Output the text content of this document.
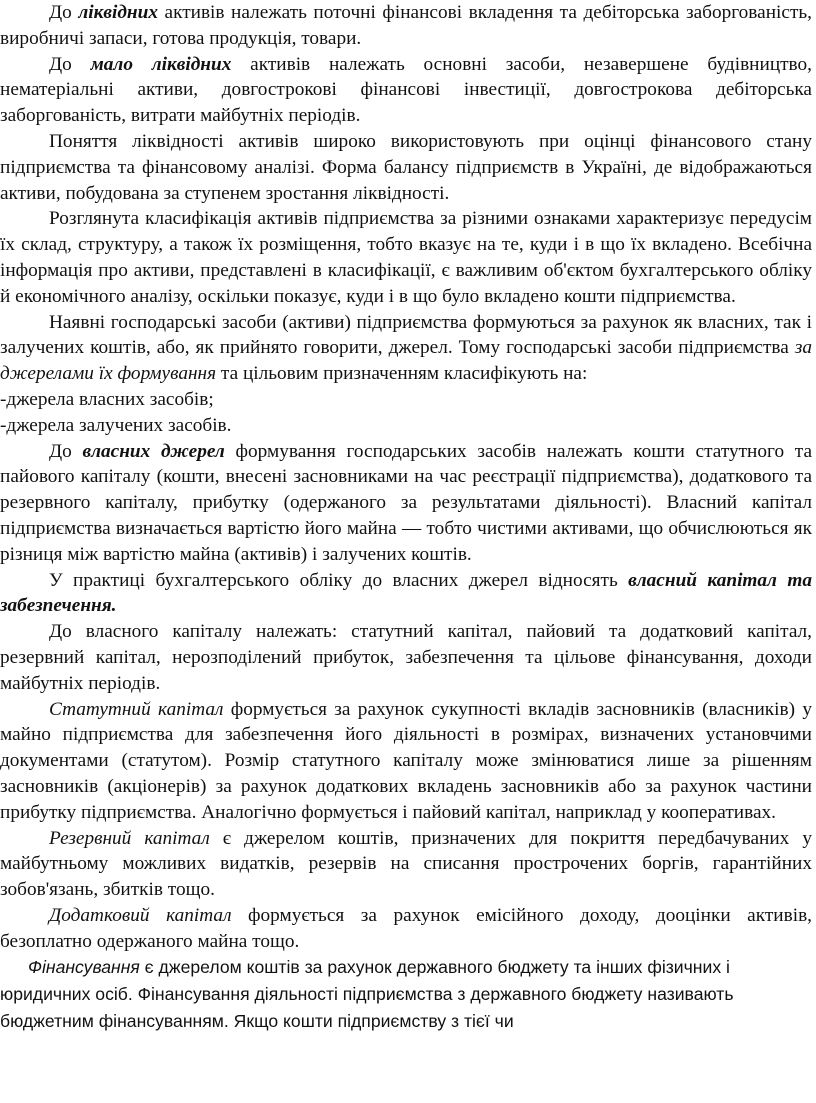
До ліквідних активів належать поточні фінансові вкладення та дебіторська заборгованість, виробничі запаси, готова продукція, товари.

До мало ліквідних активів належать основні засоби, незавершене будівництво, нематеріальні активи, довгострокові фінансові інвестиції, довгострокова дебіторська заборгованість, витрати майбутніх періодів.

Поняття ліквідності активів широко використовують при оцінці фінансового стану підприємства та фінансовому аналізі. Форма балансу підприємств в Україні, де відображаються активи, побудована за ступенем зростання ліквідності.

Розглянута класифікація активів підприємства за різними ознаками характеризує передусім їх склад, структуру, а також їх розміщення, тобто вказує на те, куди і в що їх вкладено. Всебічна інформація про активи, представлені в класифікації, є важливим об'єктом бухгалтерського обліку й економічного аналізу, оскільки показує, куди і в що було вкладено кошти підприємства.

Наявні господарські засоби (активи) підприємства формуються за рахунок як власних, так і залучених коштів, або, як прийнято говорити, джерел. Тому господарські засоби підприємства за джерелами їх формування та цільовим призначенням класифікують на:

-джерела власних засобів;

-джерела залучених засобів.

До власних джерел формування господарських засобів належать кошти статутного та пайового капіталу (кошти, внесені засновниками на час реєстрації підприємства), додаткового та резервного капіталу, прибутку (одержаного за результатами діяльності). Власний капітал підприємства визначається вартістю його майна — тобто чистими активами, що обчислюються як різниця між вартістю майна (активів) і залучених коштів.

У практиці бухгалтерського обліку до власних джерел відносять власний капітал та забезпечення.

До власного капіталу належать: статутний капітал, пайовий та додатковий капітал, резервний капітал, нерозподілений прибуток, забезпечення та цільове фінансування, доходи майбутніх періодів.

Статутний капітал формується за рахунок сукупності вкладів засновників (власників) у майно підприємства для забезпечення його діяльності в розмірах, визначених установчими документами (статутом). Розмір статутного капіталу може змінюватися лише за рішенням засновників (акціонерів) за рахунок додаткових вкладень засновників або за рахунок частини прибутку підприємства. Аналогічно формується і пайовий капітал, наприклад у кооперативах.

Резервний капітал є джерелом коштів, призначених для покриття передбачуваних у майбутньому можливих видатків, резервів на списання прострочених боргів, гарантійних зобов'язань, збитків тощо.

Додатковий капітал формується за рахунок емісійного доходу, дооцінки активів, безоплатно одержаного майна тощо.

Фінансування є джерелом коштів за рахунок державного бюджету та інших фізичних і юридичних осіб. Фінансування діяльності підприємства з державного бюджету називають бюджетним фінансуванням. Якщо кошти підприємству з тієї чи
